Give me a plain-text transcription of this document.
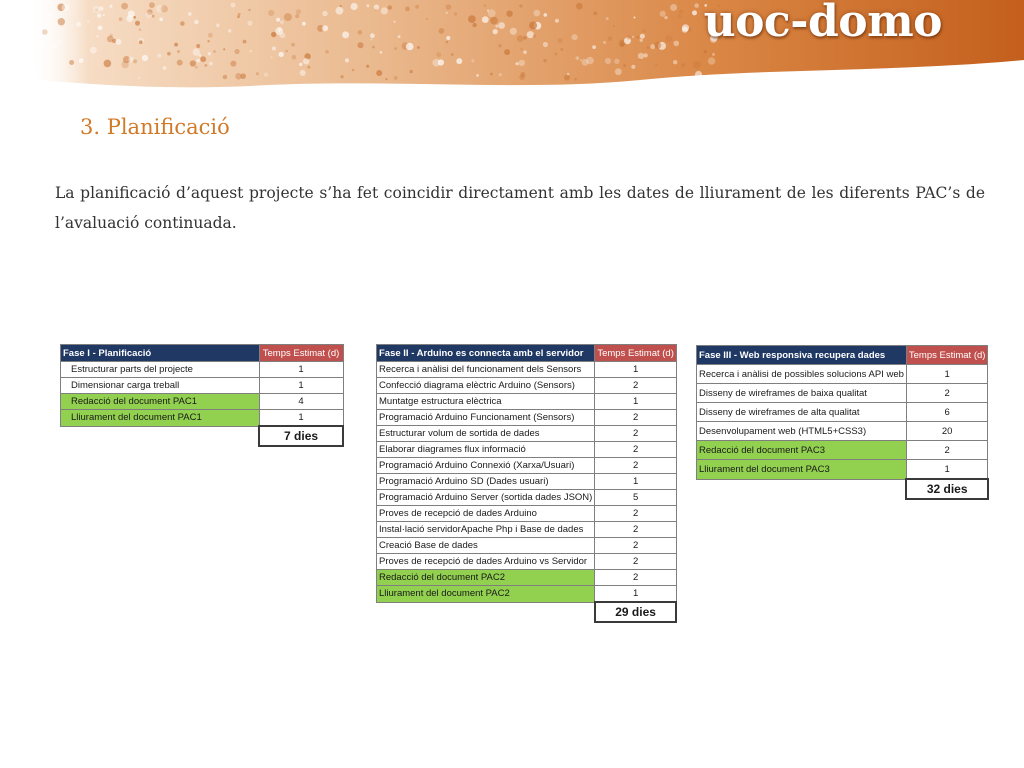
uoc-domo
3. Planificació

La planificació d’aquest projecte s’ha fet coincidir directament amb les dates de lliurament de les diferents PAC’s de l’avaluació continuada.

Fase I - Planificació	Temps Estimat (d)
Estructurar parts del projecte	1
Dimensionar carga treball	1
Redacció del document PAC1	4
Lliurament del document PAC1	1
	7 dies
Fase II - Arduino es connecta amb el servidor	Temps Estimat (d)
Recerca i anàlisi del funcionament dels Sensors	1
Confecció diagrama elèctric Arduino (Sensors)	2
Muntatge estructura elèctrica	1
Programació Arduino Funcionament (Sensors)	2
Estructurar volum de sortida de dades	2
Elaborar diagrames flux informació	2
Programació Arduino Connexió (Xarxa/Usuari)	2
Programació Arduino SD (Dades usuari)	1
Programació Arduino Server (sortida dades JSON)	5
Proves de recepció de dades Arduino	2
Instal·lació servidorApache Php i Base de dades	2
Creació Base de dades	2
Proves de recepció de dades Arduino vs Servidor	2
Redacció del document PAC2	2
Lliurament del document PAC2	1
	29 dies
Fase III - Web responsiva recupera dades	Temps Estimat (d)
Recerca i anàlisi de possibles solucions API web	1
Disseny de wireframes de baixa qualitat	2
Disseny de wireframes de alta qualitat	6
Desenvolupament web (HTML5+CSS3)	20
Redacció del document PAC3	2
Lliurament del document PAC3	1
	32 dies
